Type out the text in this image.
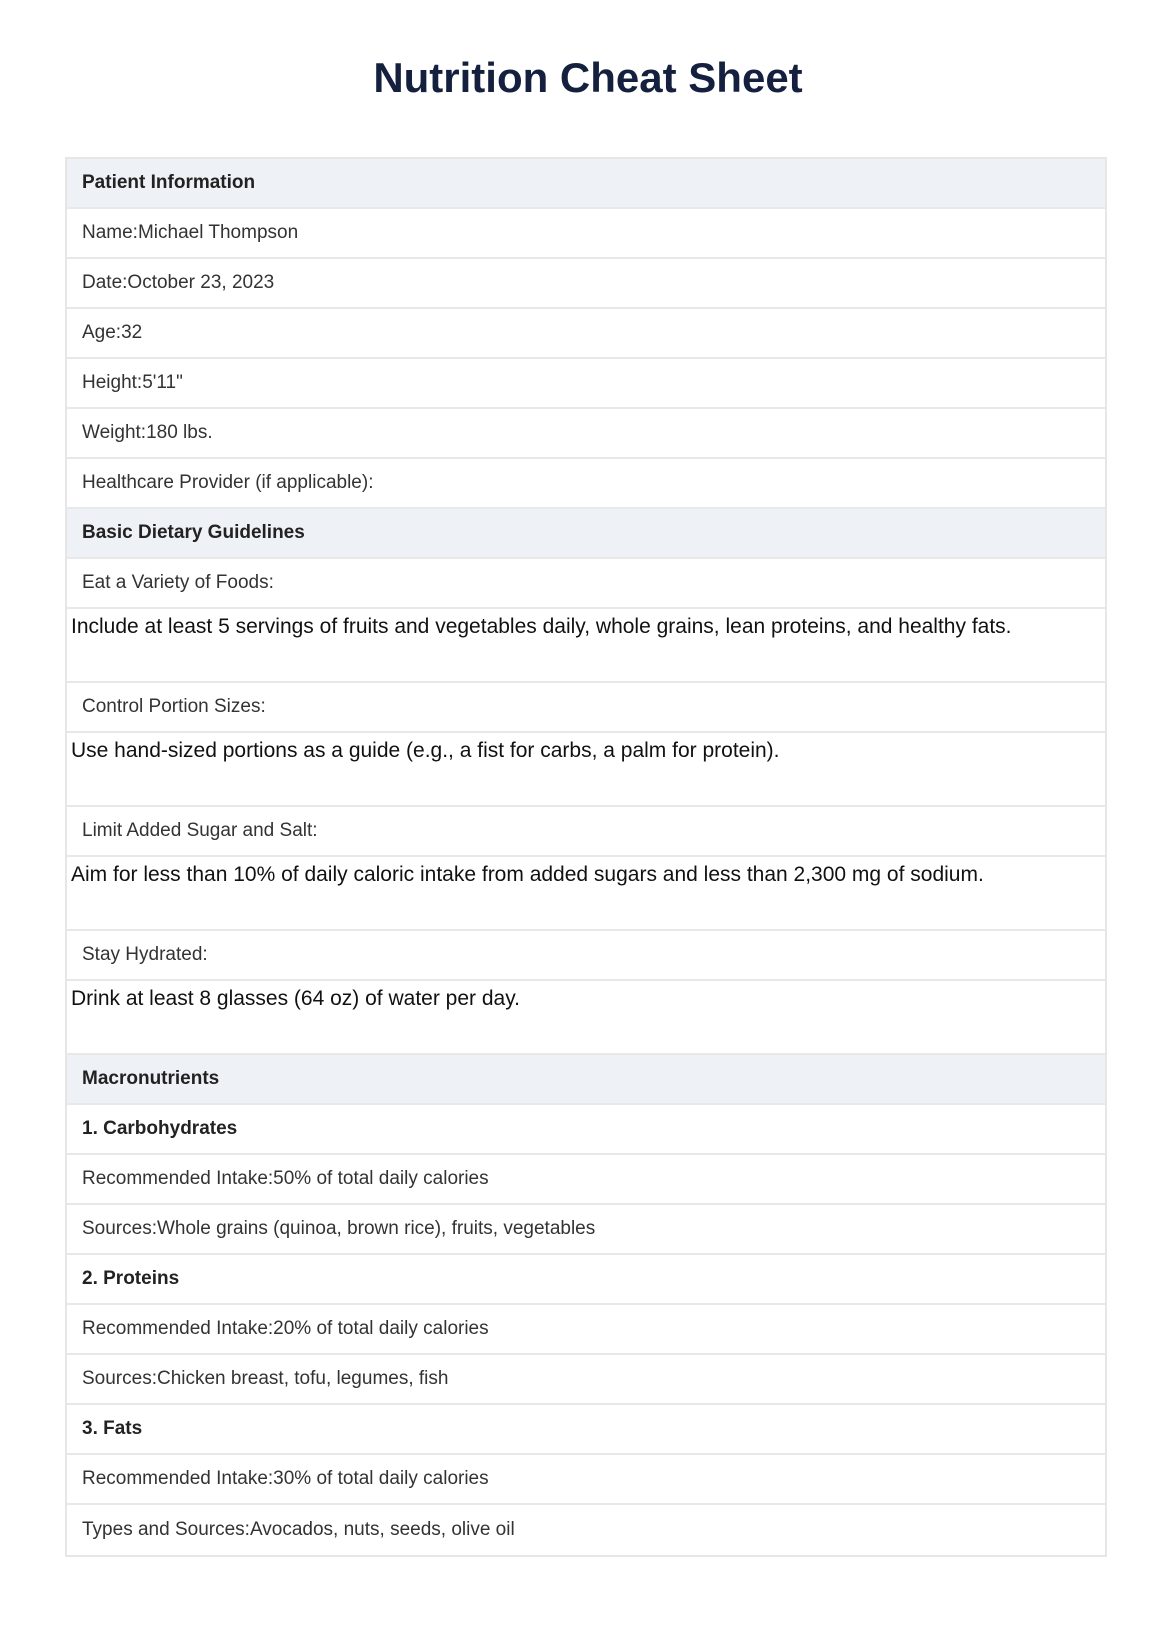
Nutrition Cheat Sheet
Patient Information
Name: Michael Thompson
Date: October 23, 2023
Age: 32
Height: 5'11"
Weight: 180 lbs.
Healthcare Provider (if applicable):
Basic Dietary Guidelines
Eat a Variety of Foods:
Include at least 5 servings of fruits and vegetables daily, whole grains, lean proteins, and healthy fats.
Control Portion Sizes:
Use hand-sized portions as a guide (e.g., a fist for carbs, a palm for protein).
Limit Added Sugar and Salt:
Aim for less than 10% of daily caloric intake from added sugars and less than 2,300 mg of sodium.
Stay Hydrated:
Drink at least 8 glasses (64 oz) of water per day.
Macronutrients
1. Carbohydrates
Recommended Intake: 50% of total daily calories
Sources: Whole grains (quinoa, brown rice), fruits, vegetables
2. Proteins
Recommended Intake: 20% of total daily calories
Sources: Chicken breast, tofu, legumes, fish
3. Fats
Recommended Intake: 30% of total daily calories
Types and Sources: Avocados, nuts, seeds, olive oil
